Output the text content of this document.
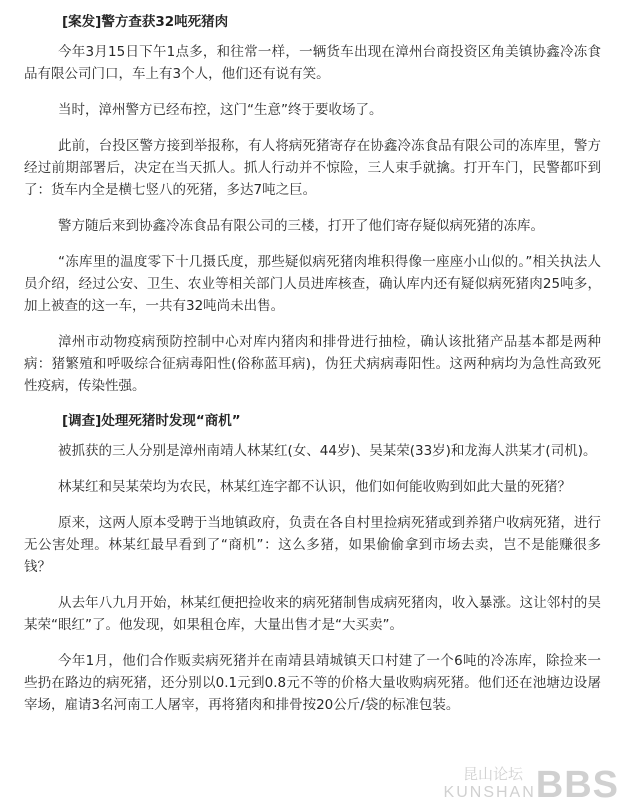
[案发]警方查获32吨死猪肉

今年3月15日下午1点多，和往常一样，一辆货车出现在漳州台商投资区角美镇协鑫冷冻食品有限公司门口，车上有3个人，他们还有说有笑。

当时，漳州警方已经布控，这门“生意”终于要收场了。

此前，台投区警方接到举报称，有人将病死猪寄存在协鑫冷冻食品有限公司的冻库里，警方经过前期部署后，决定在当天抓人。抓人行动并不惊险，三人束手就擒。打开车门，民警都吓到了：货车内全是横七竖八的死猪，多达7吨之巨。

警方随后来到协鑫冷冻食品有限公司的三楼，打开了他们寄存疑似病死猪的冻库。

“冻库里的温度零下十几摄氏度，那些疑似病死猪肉堆积得像一座座小山似的。”相关执法人员介绍，经过公安、卫生、农业等相关部门人员进库核查，确认库内还有疑似病死猪肉25吨多，加上被查的这一车，一共有32吨尚未出售。

漳州市动物疫病预防控制中心对库内猪肉和排骨进行抽检，确认该批猪产品基本都是两种病：猪繁殖和呼吸综合征病毒阳性(俗称蓝耳病)，伪狂犬病病毒阳性。这两种病均为急性高致死性疫病，传染性强。

[调查]处理死猪时发现“商机”

被抓获的三人分别是漳州南靖人林某红(女、44岁)、吴某荣(33岁)和龙海人洪某才(司机)。

林某红和吴某荣均为农民，林某红连字都不认识，他们如何能收购到如此大量的死猪？

原来，这两人原本受聘于当地镇政府，负责在各自村里捡病死猪或到养猪户收病死猪，进行无公害处理。林某红最早看到了“商机”：这么多猪，如果偷偷拿到市场去卖，岂不是能赚很多钱？

从去年八九月开始，林某红便把捡收来的病死猪制售成病死猪肉，收入暴涨。这让邻村的吴某荣“眼红”了。他发现，如果租仓库，大量出售才是“大买卖”。

今年1月，他们合作贩卖病死猪并在南靖县靖城镇天口村建了一个6吨的冷冻库，除捡来一些扔在路边的病死猪，还分别以0.1元到0.8元不等的价格大量收购病死猪。他们还在池塘边设屠宰场，雇请3名河南工人屠宰，再将猪肉和排骨按20公斤/袋的标准包装。

昆山论坛
KUNSHANBBS
